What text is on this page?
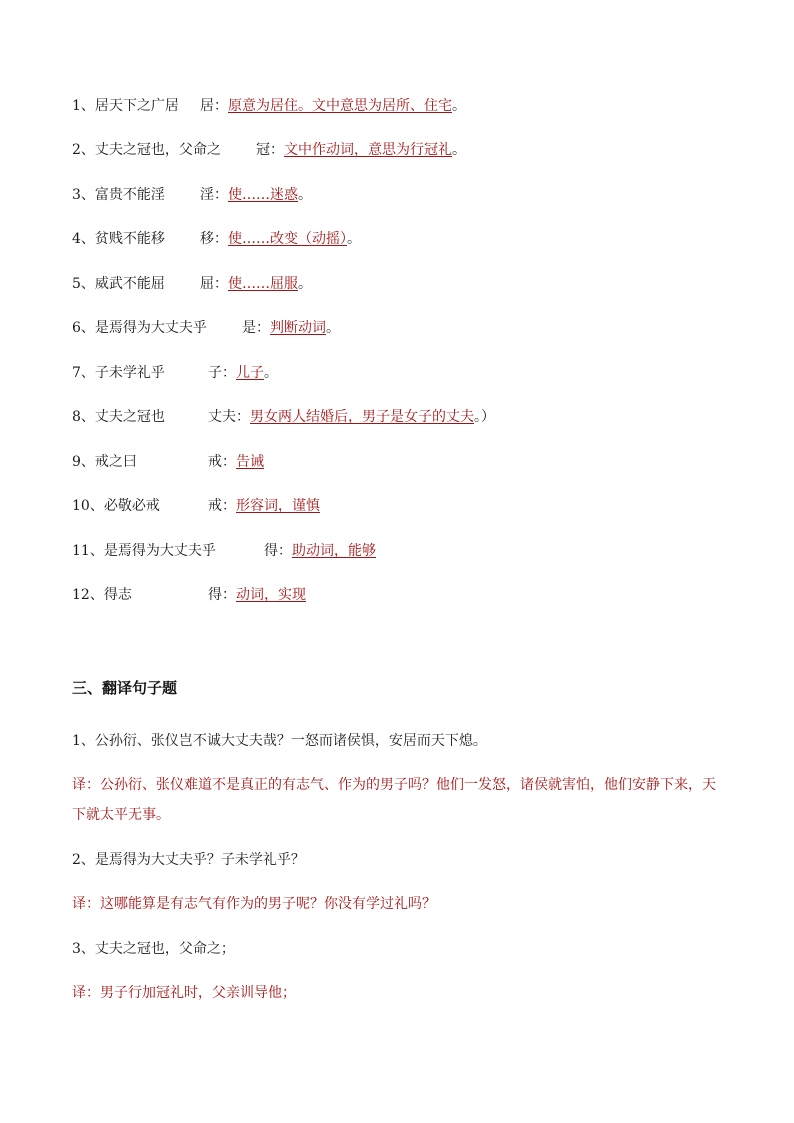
1、居天下之广居 居：原意为居住。文中意思为居所、住宅。
2、丈夫之冠也，父命之	冠：文中作动词，意思为行冠礼。
3、富贵不能淫	淫：使……迷惑。
4、贫贱不能移	移：使……改变（动摇）。
5、威武不能屈	屈：使……屈服。
6、是焉得为大丈夫乎	是：判断动词。
7、子未学礼乎	子：儿子。
8、丈夫之冠也	丈夫：男女两人结婚后，男子是女子的丈夫。）
9、戒之曰	戒：告诫
10、必敬必戒	戒：形容词，谨慎
11、是焉得为大丈夫乎	得：助动词，能够
12、得志	得：动词，实现
三、翻译句子题
1、公孙衍、张仪岂不诚大丈夫哉？一怒而诸侯惧，安居而天下熄。
译：公孙衍、张仪难道不是真正的有志气、作为的男子吗？他们一发怒，诸侯就害怕，他们安静下来，天下就太平无事。
2、是焉得为大丈夫乎？子未学礼乎？
译：这哪能算是有志气有作为的男子呢？你没有学过礼吗？
3、丈夫之冠也，父命之；
译：男子行加冠礼时，父亲训导他；
